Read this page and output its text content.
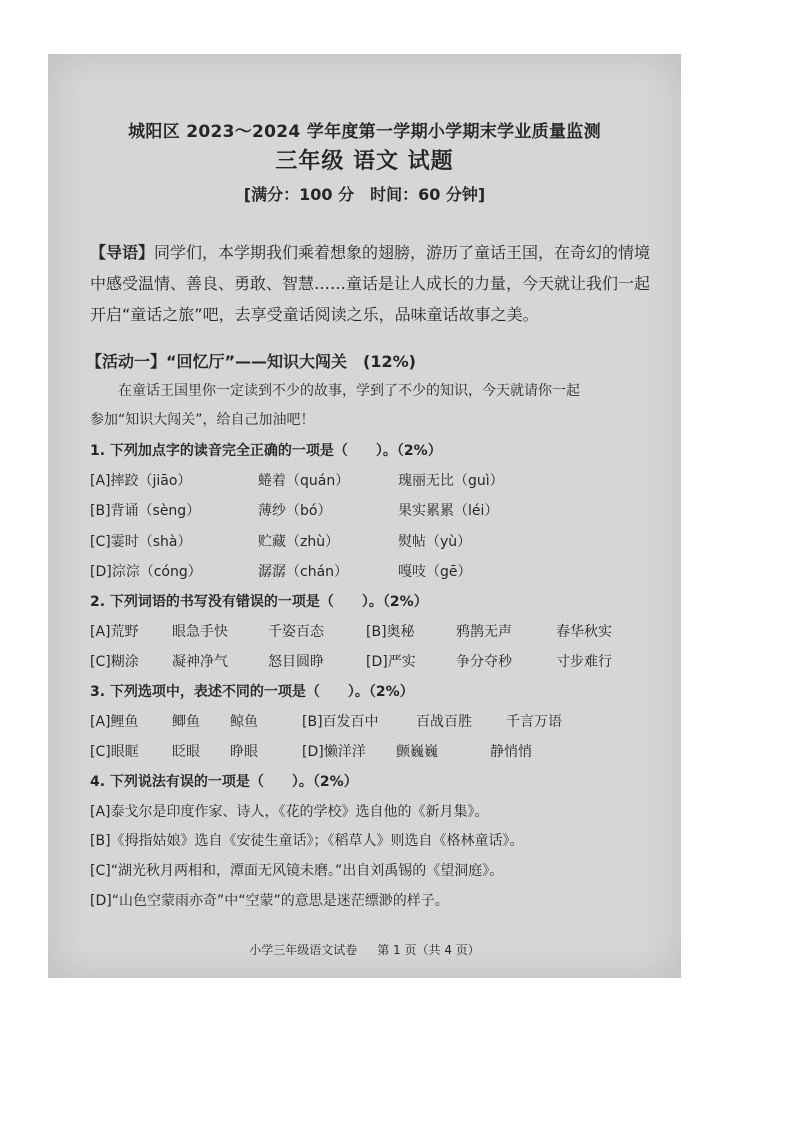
城阳区 2023～2024 学年度第一学期小学期末学业质量监测
三年级 语文 试题
[满分：100 分　时间：60 分钟]
【导语】同学们，本学期我们乘着想象的翅膀，游历了童话王国，在奇幻的情境中感受温情、善良、勇敢、智慧……童话是让人成长的力量，今天就让我们一起开启“童话之旅”吧，去享受童话阅读之乐，品味童话故事之美。
【活动一】“回忆厅”——知识大闯关　(12%)
在童话王国里你一定读到不少的故事，学到了不少的知识，今天就请你一起
参加“知识大闯关”，给自己加油吧！
1. 下列加点字的读音完全正确的一项是（　　）。（2%）
[A]摔跤（jiāo）	蜷着（quán）	瑰丽无比（guì）
[B]背诵（sèng）	薄纱（bó）	果实累累（léi）
[C]霎时（shà）	贮藏（zhù）	熨帖（yù）
[D]淙淙（cóng）	潺潺（chán）	嘎吱（gē）
2. 下列词语的书写没有错误的一项是（　　）。（2%）
[A]荒野 眼急手快	千姿百态	[B]奥秘	鸦鹊无声	春华秋实
[C]糊涂 凝神净气	怒目圆睁	[D]严实	争分夺秒	寸步难行
3. 下列选项中，表述不同的一项是（　　）。（2%）
[A]鲤鱼 鲫鱼 鲸鱼	[B]百发百中	百战百胜 千言万语
[C]眼眶 眨眼 睁眼	[D]懒洋洋 颤巍巍	静悄悄
4. 下列说法有误的一项是（　　）。（2%）
[A]泰戈尔是印度作家、诗人，《花的学校》选自他的《新月集》。
[B]《拇指姑娘》选自《安徒生童话》；《稻草人》则选自《格林童话》。
[C]“湖光秋月两相和，潭面无风镜未磨。”出自刘禹锡的《望洞庭》。
[D]“山色空蒙雨亦奇”中“空蒙”的意思是迷茫缥渺的样子。
小学三年级语文试卷 第 1 页（共 4 页）
